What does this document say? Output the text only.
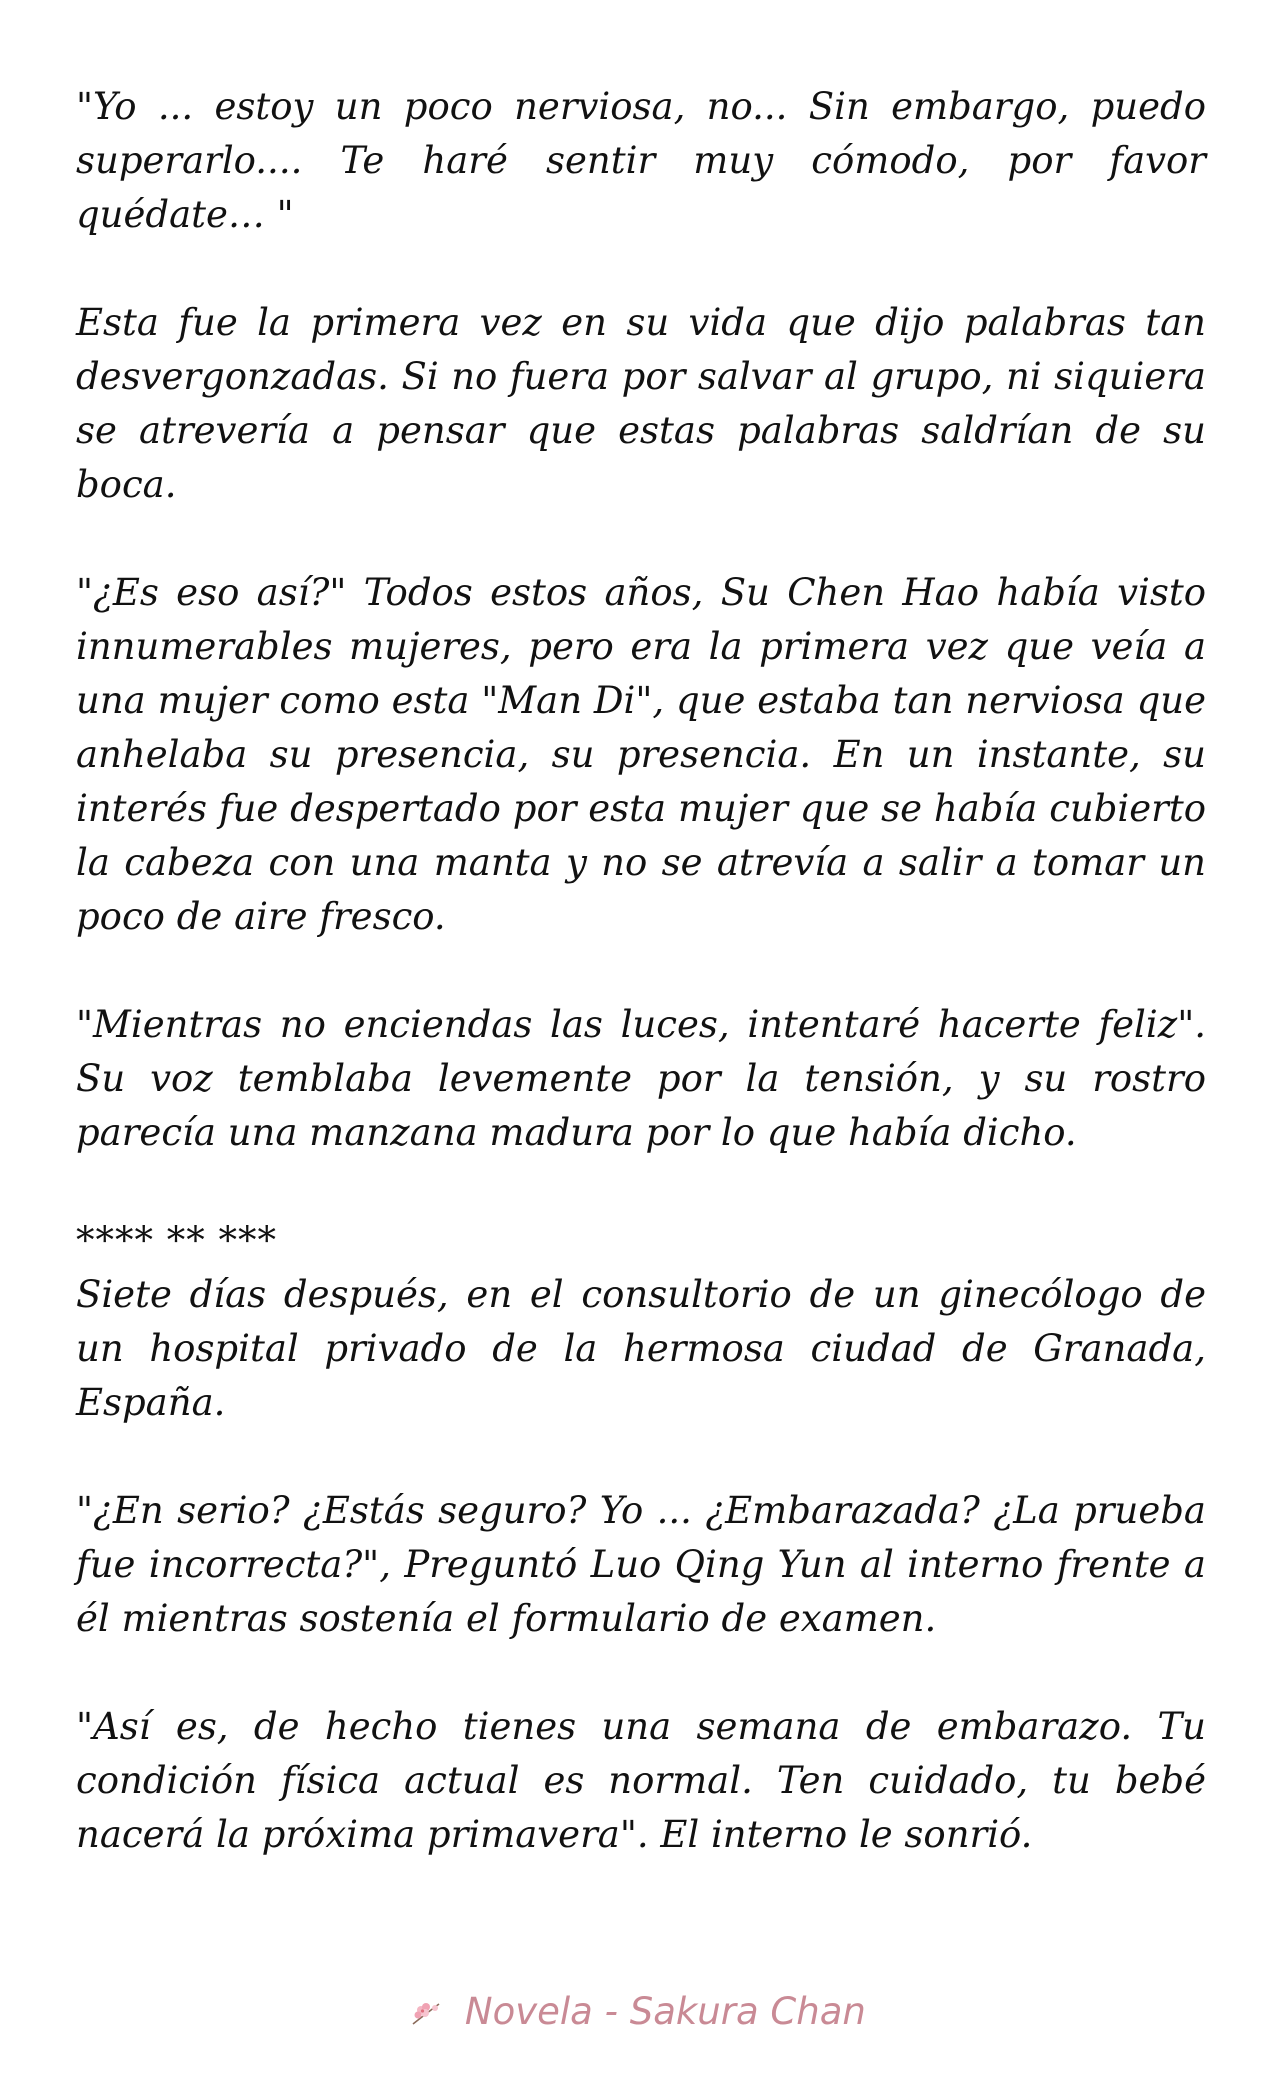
"Yo ... estoy un poco nerviosa, no... Sin embargo, puedo superarlo.... Te haré sentir muy cómodo, por favor quédate… "

Esta fue la primera vez en su vida que dijo palabras tan desvergonzadas. Si no fuera por salvar al grupo, ni siquiera se atrevería a pensar que estas palabras saldrían de su boca.

"¿Es eso así?" Todos estos años, Su Chen Hao había visto innumerables mujeres, pero era la primera vez que veía a una mujer como esta "Man Di", que estaba tan nerviosa que anhelaba su presencia, su presencia. En un instante, su interés fue despertado por esta mujer que se había cubierto la cabeza con una manta y no se atrevía a salir a tomar un poco de aire fresco.

"Mientras no enciendas las luces, intentaré hacerte feliz". Su voz temblaba levemente por la tensión, y su rostro parecía una manzana madura por lo que había dicho.

**** ** ***

Siete días después, en el consultorio de un ginecólogo de un hospital privado de la hermosa ciudad de Granada, España.

"¿En serio? ¿Estás seguro? Yo ... ¿Embarazada? ¿La prueba fue incorrecta?", Preguntó Luo Qing Yun al interno frente a él mientras sostenía el formulario de examen.

"Así es, de hecho tienes una semana de embarazo. Tu condición física actual es normal. Ten cuidado, tu bebé nacerá la próxima primavera". El interno le sonrió.

Novela - Sakura Chan
